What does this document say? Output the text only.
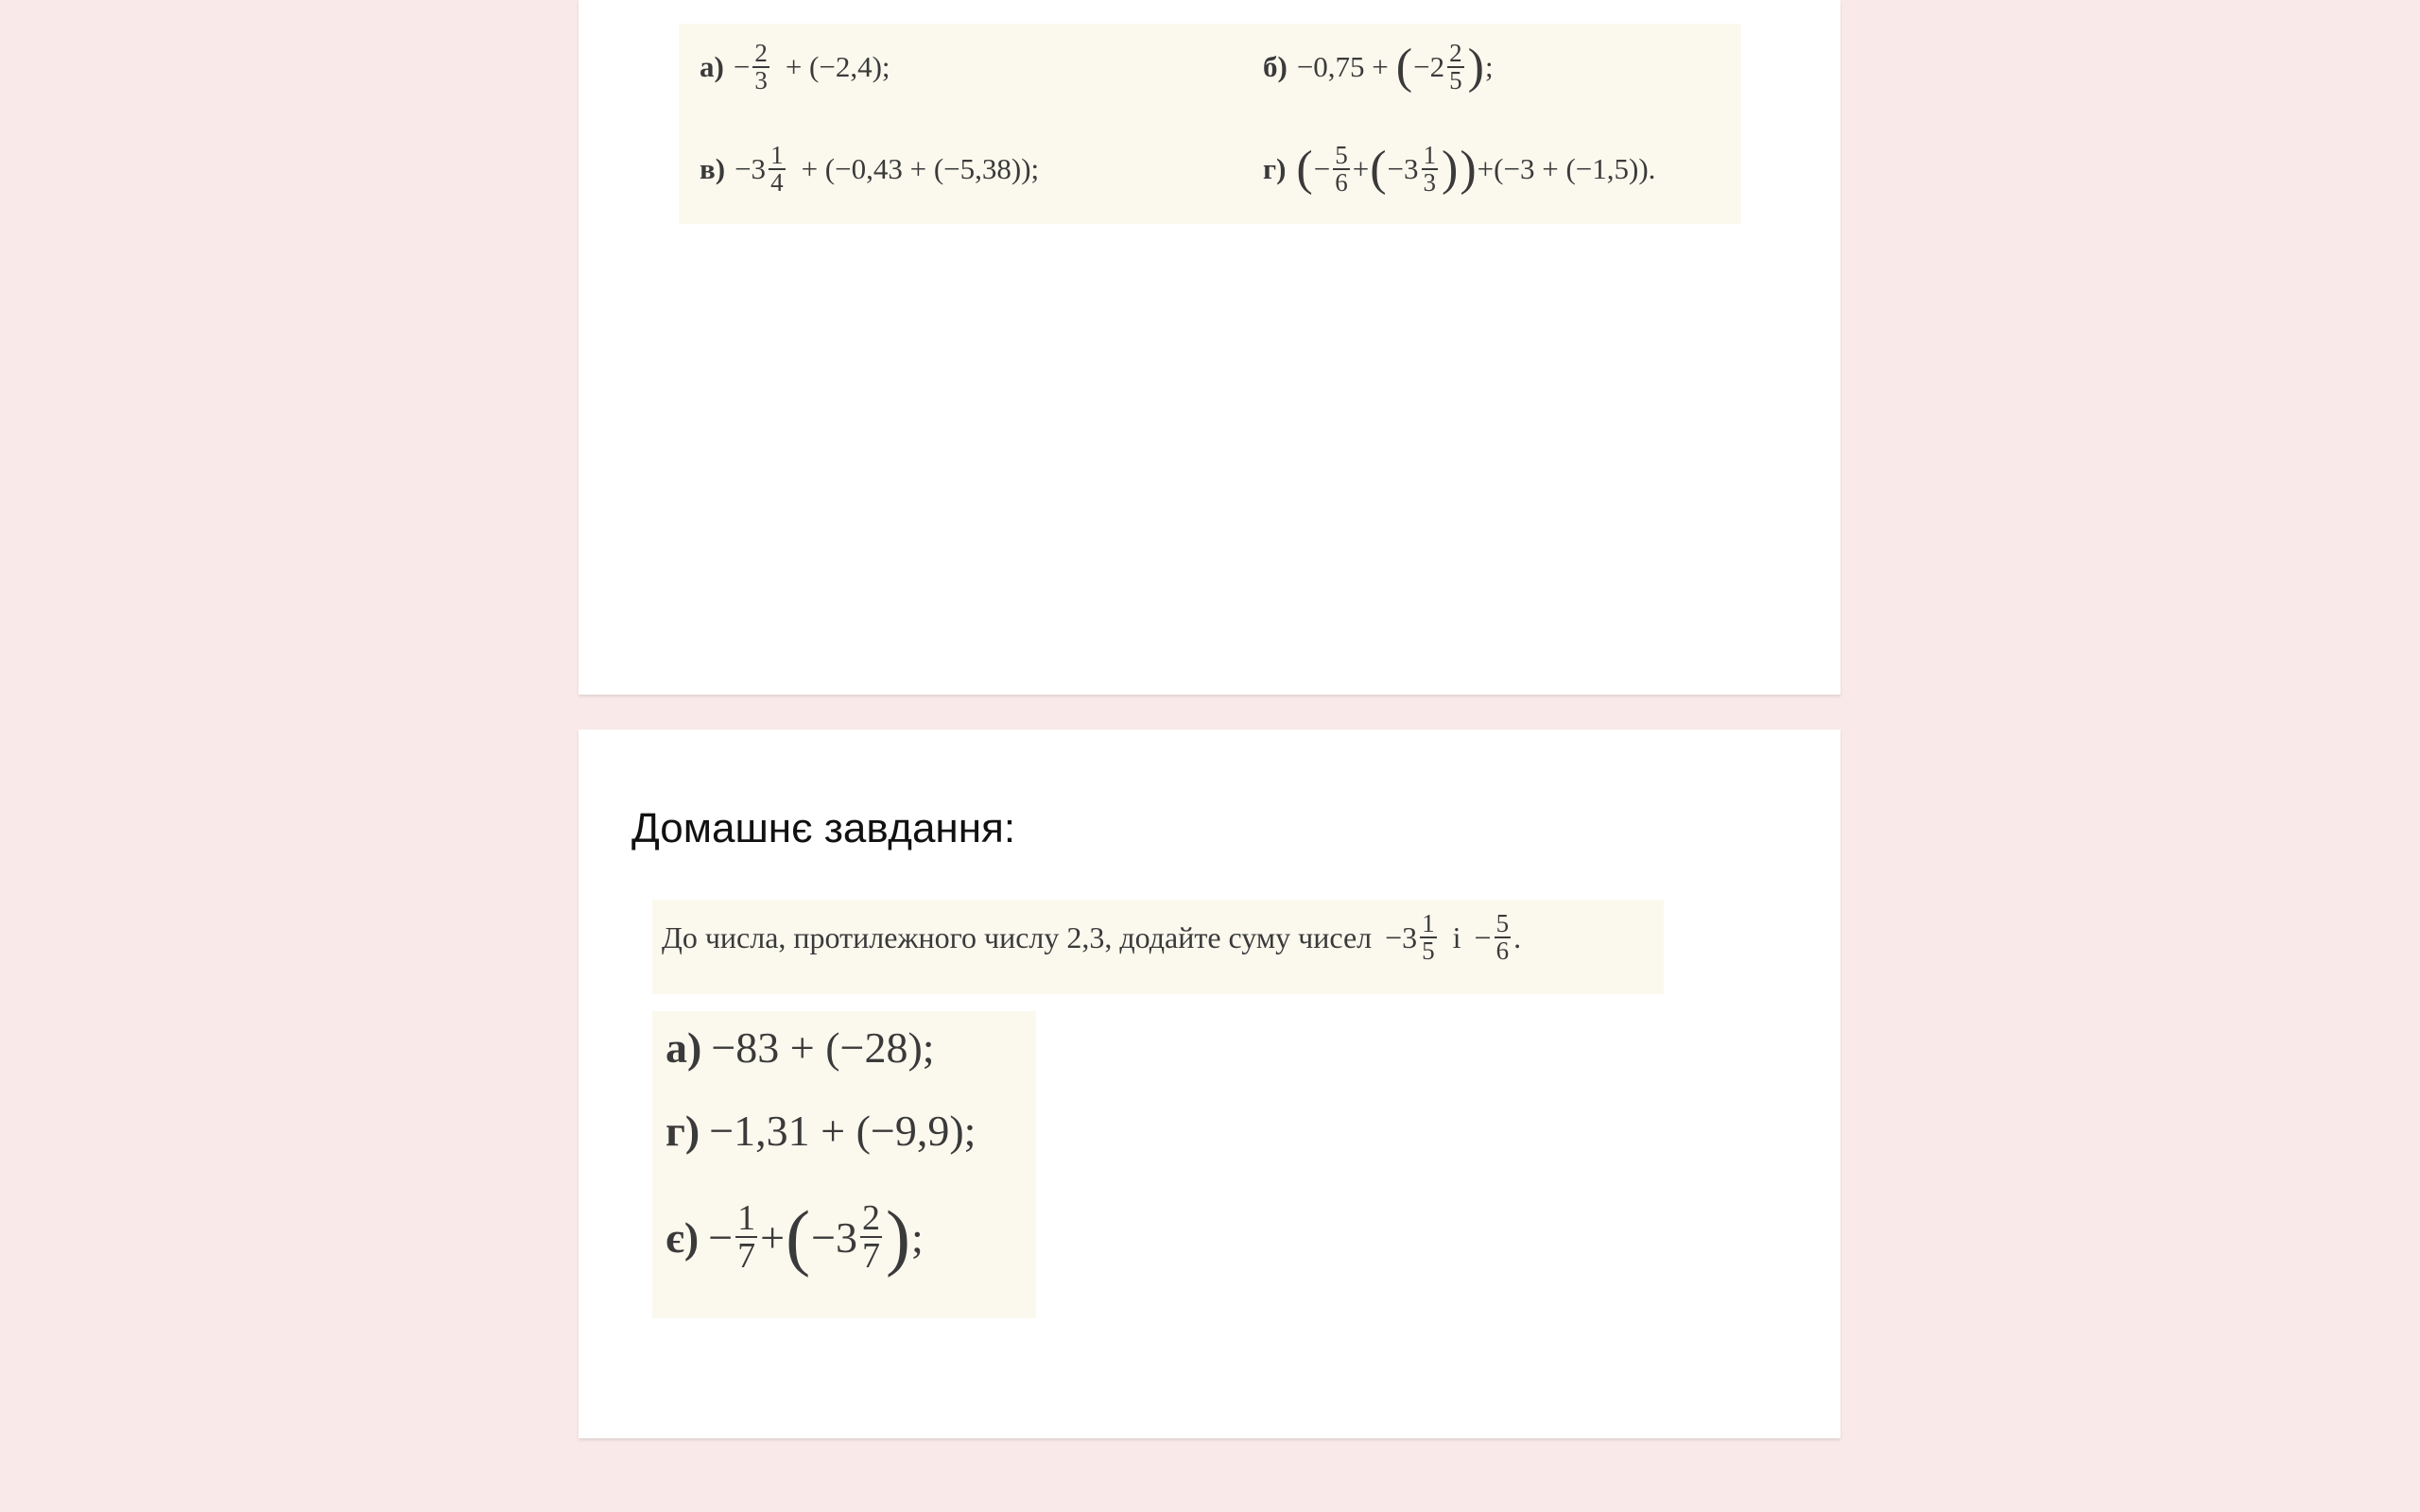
$а) - \frac{2}{3} + (-2,4)$;	б) −0,75 + ( $-2 \frac{2}{5}$ ) ;
$в) -3 \frac{1}{4} + (-0,43 + (-5,38))$;	г) ( − $\frac{5}{6}$ + ( $-3 \frac{1}{3}$ ) ) +(−3 + (−1,5)).
Домашнє завдання:
До числа, протилежного числу 2,3, додайте суму чисел $-3 \frac{1}{5}$ $і - \frac{5}{6}$ .
а) −83 + (−28);
г) −1,31 + (−9,9);
$є) - \frac{1}{7}$ + ( $-3 \frac{2}{7}$ ) ;
